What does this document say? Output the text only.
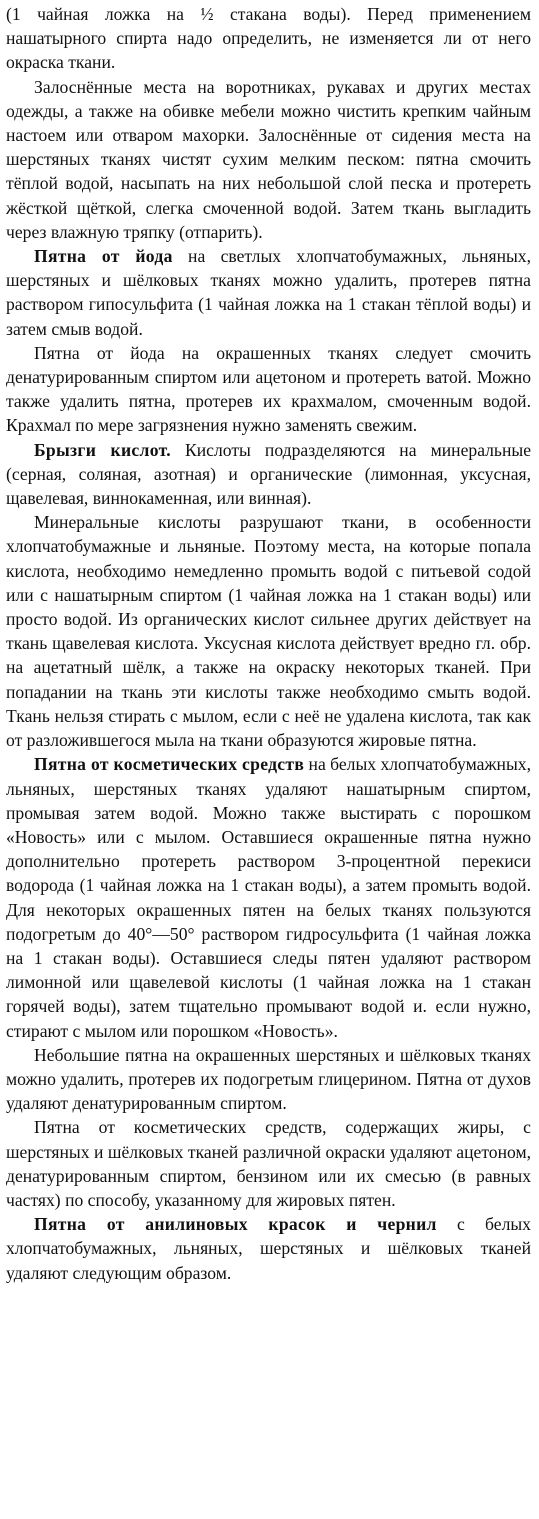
(1 чайная ложка на ½ стакана воды). Перед применением нашатырного спирта надо определить, не изменяется ли от него окраска ткани.

Залоснённые места на воротниках, рукавах и других местах одежды, а также на обивке мебели можно чистить крепким чайным настоем или отваром махорки. Залоснённые от сидения места на шерстяных тканях чистят сухим мелким песком: пятна смочить тёплой водой, насыпать на них небольшой слой песка и протереть жёсткой щёткой, слегка смоченной водой. Затем ткань выгладить через влажную тряпку (отпарить).

Пятна от йода на светлых хлопчатобумажных, льняных, шерстяных и шёлковых тканях можно удалить, протерев пятна раствором гипосульфита (1 чайная ложка на 1 стакан тёплой воды) и затем смыв водой.

Пятна от йода на окрашенных тканях следует смочить денатурированным спиртом или ацетоном и протереть ватой. Можно также удалить пятна, протерев их крахмалом, смоченным водой. Крахмал по мере загрязнения нужно заменять свежим.

Брызги кислот. Кислоты подразделяются на минеральные (серная, соляная, азотная) и органические (лимонная, уксусная, щавелевая, виннокаменная, или винная).

Минеральные кислоты разрушают ткани, в особенности хлопчатобумажные и льняные. Поэтому места, на которые попала кислота, необходимо немедленно промыть водой с питьевой содой или с нашатырным спиртом (1 чайная ложка на 1 стакан воды) или просто водой. Из органических кислот сильнее других действует на ткань щавелевая кислота. Уксусная кислота действует вредно гл. обр. на ацетатный шёлк, а также на окраску некоторых тканей. При попадании на ткань эти кислоты также необходимо смыть водой. Ткань нельзя стирать с мылом, если с неё не удалена кислота, так как от разложившегося мыла на ткани образуются жировые пятна.

Пятна от косметических средств на белых хлопчатобумажных, льняных, шерстяных тканях удаляют нашатырным спиртом, промывая затем водой. Можно также выстирать с порошком «Новость» или с мылом. Оставшиеся окрашенные пятна нужно дополнительно протереть раствором 3-процентной перекиси водорода (1 чайная ложка на 1 стакан воды), а затем промыть водой. Для некоторых окрашенных пятен на белых тканях пользуются подогретым до 40°—50° раствором гидросульфита (1 чайная ложка на 1 стакан воды). Оставшиеся следы пятен удаляют раствором лимонной или щавелевой кислоты (1 чайная ложка на 1 стакан горячей воды), затем тщательно промывают водой и. если нужно, стирают с мылом или порошком «Новость».

Небольшие пятна на окрашенных шерстяных и шёлковых тканях можно удалить, протерев их подогретым глицерином. Пятна от духов удаляют денатурированным спиртом.

Пятна от косметических средств, содержащих жиры, с шерстяных и шёлковых тканей различной окраски удаляют ацетоном, денатурированным спиртом, бензином или их смесью (в равных частях) по способу, указанному для жировых пятен.

Пятна от анилиновых красок и чернил с белых хлопчатобумажных, льняных, шерстяных и шёлковых тканей удаляют следующим образом.
